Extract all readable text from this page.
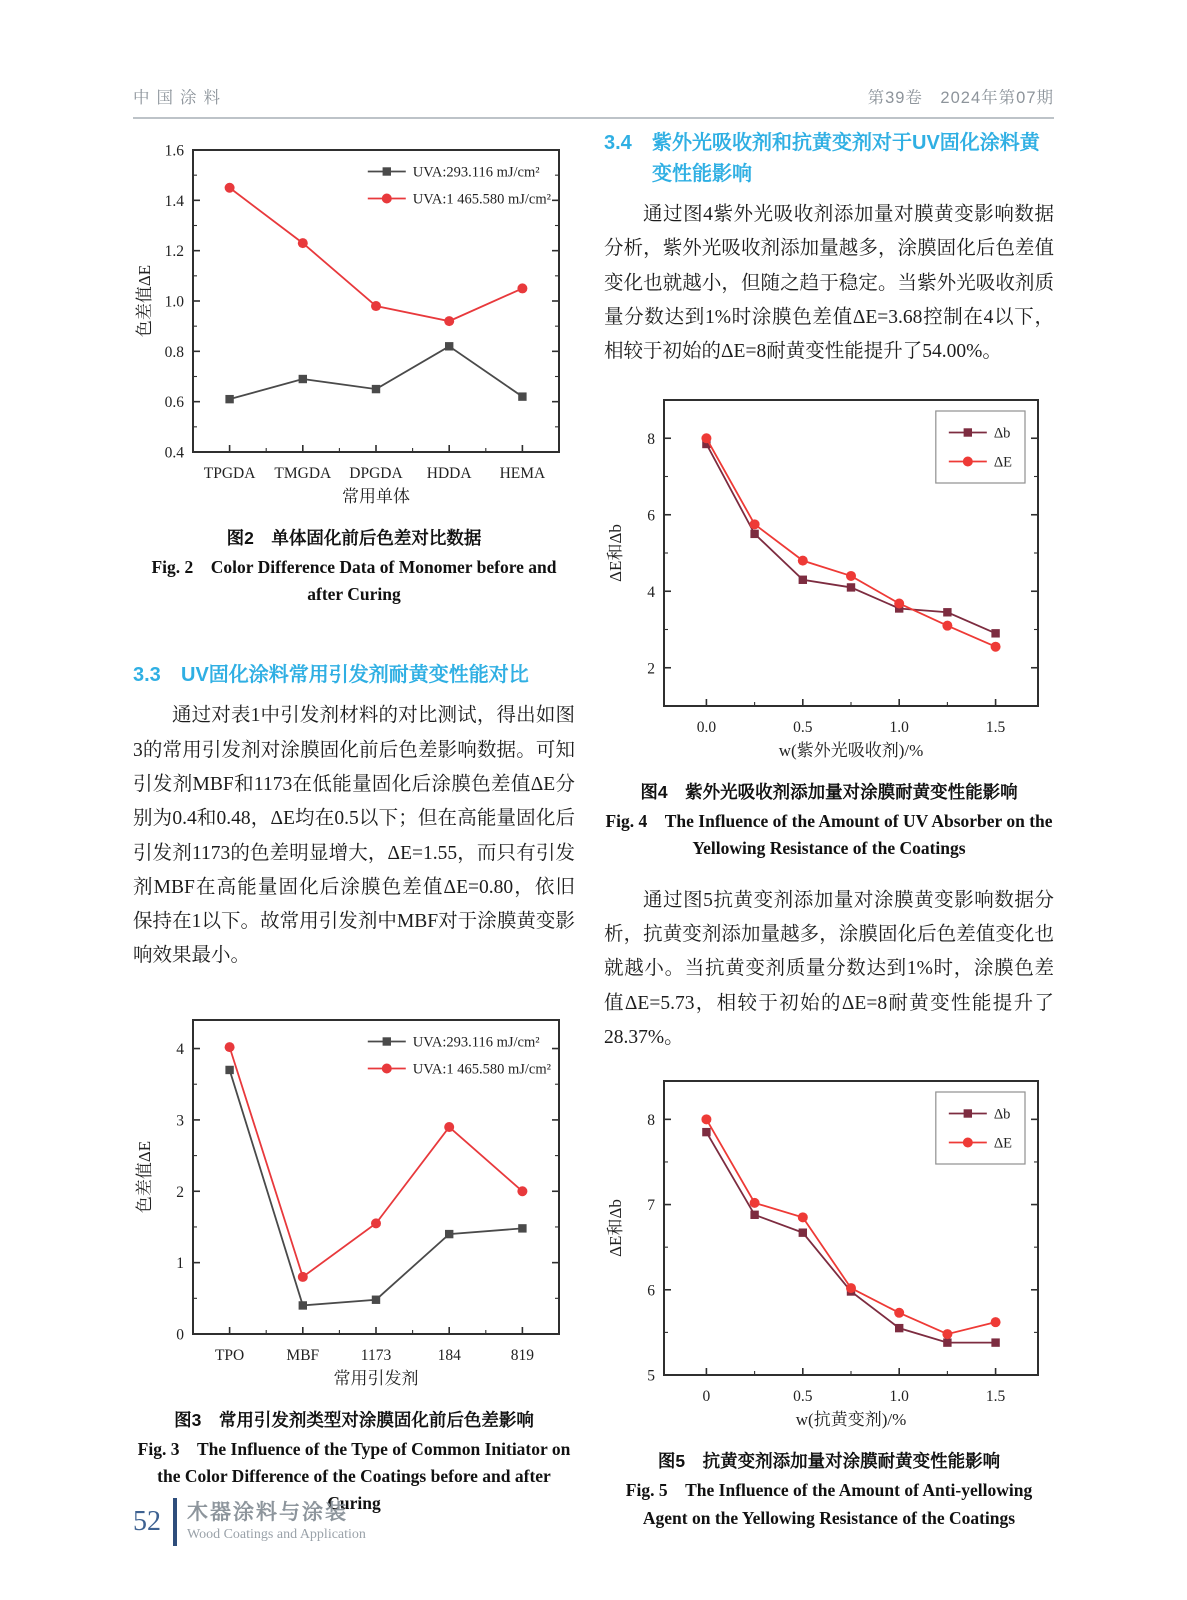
中国涂料	第39卷　2024年第07期
0.4
0.6
0.8
1.0
1.2
1.4
1.6
TPGDA TMGDA DPGDA HDDA HEMA
常用单体
色差值ΔE
UVA:293.116 mJ/cm²
UVA:1 465.580 mJ/cm²
图2　单体固化前后色差对比数据
Fig. 2　Color Difference Data of Monomer before and after Curing
3.3	UV固化涂料常用引发剂耐黄变性能对比

通过对表1中引发剂材料的对比测试，得出如图3的常用引发剂对涂膜固化前后色差影响数据。可知引发剂MBF和1173在低能量固化后涂膜色差值ΔE分别为0.4和0.48，ΔE均在0.5以下；但在高能量固化后引发剂1173的色差明显增大，ΔE=1.55，而只有引发剂MBF在高能量固化后涂膜色差值ΔE=0.80，依旧保持在1以下。故常用引发剂中MBF对于涂膜黄变影响效果最小。

0
1
2
3
4
TPO	MBF	1173	184	819
常用引发剂
色差值ΔE
UVA:293.116 mJ/cm²
UVA:1 465.580 mJ/cm²
图3　常用引发剂类型对涂膜固化前后色差影响
Fig. 3　The Influence of the Type of Common Initiator on the Color Difference of the Coatings before and after Curing
3.4	紫外光吸收剂和抗黄变剂对于UV固化涂料黄变性能影响

通过图4紫外光吸收剂添加量对膜黄变影响数据分析，紫外光吸收剂添加量越多，涂膜固化后色差值变化也就越小，但随之趋于稳定。当紫外光吸收剂质量分数达到1%时涂膜色差值ΔE=3.68控制在4以下，相较于初始的ΔE=8耐黄变性能提升了54.00%。

2
4
6
8
0.0	0.5	1.0	1.5
w(紫外光吸收剂)/%
ΔE和Δb
Δb
ΔE
图4　紫外光吸收剂添加量对涂膜耐黄变性能影响
Fig. 4　The Influence of the Amount of UV Absorber on the Yellowing Resistance of the Coatings

通过图5抗黄变剂添加量对涂膜黄变影响数据分析，抗黄变剂添加量越多，涂膜固化后色差值变化也就越小。当抗黄变剂质量分数达到1%时，涂膜色差值ΔE=5.73，相较于初始的ΔE=8耐黄变性能提升了28.37%。

5
6
7
8
0	0.5	1.0	1.5
w(抗黄变剂)/%
ΔE和Δb
Δb
ΔE
图5　抗黄变剂添加量对涂膜耐黄变性能影响
Fig. 5　The Influence of the Amount of Anti-yellowing Agent on the Yellowing Resistance of the Coatings
52 木器涂料与涂装
Wood Coatings and Application
